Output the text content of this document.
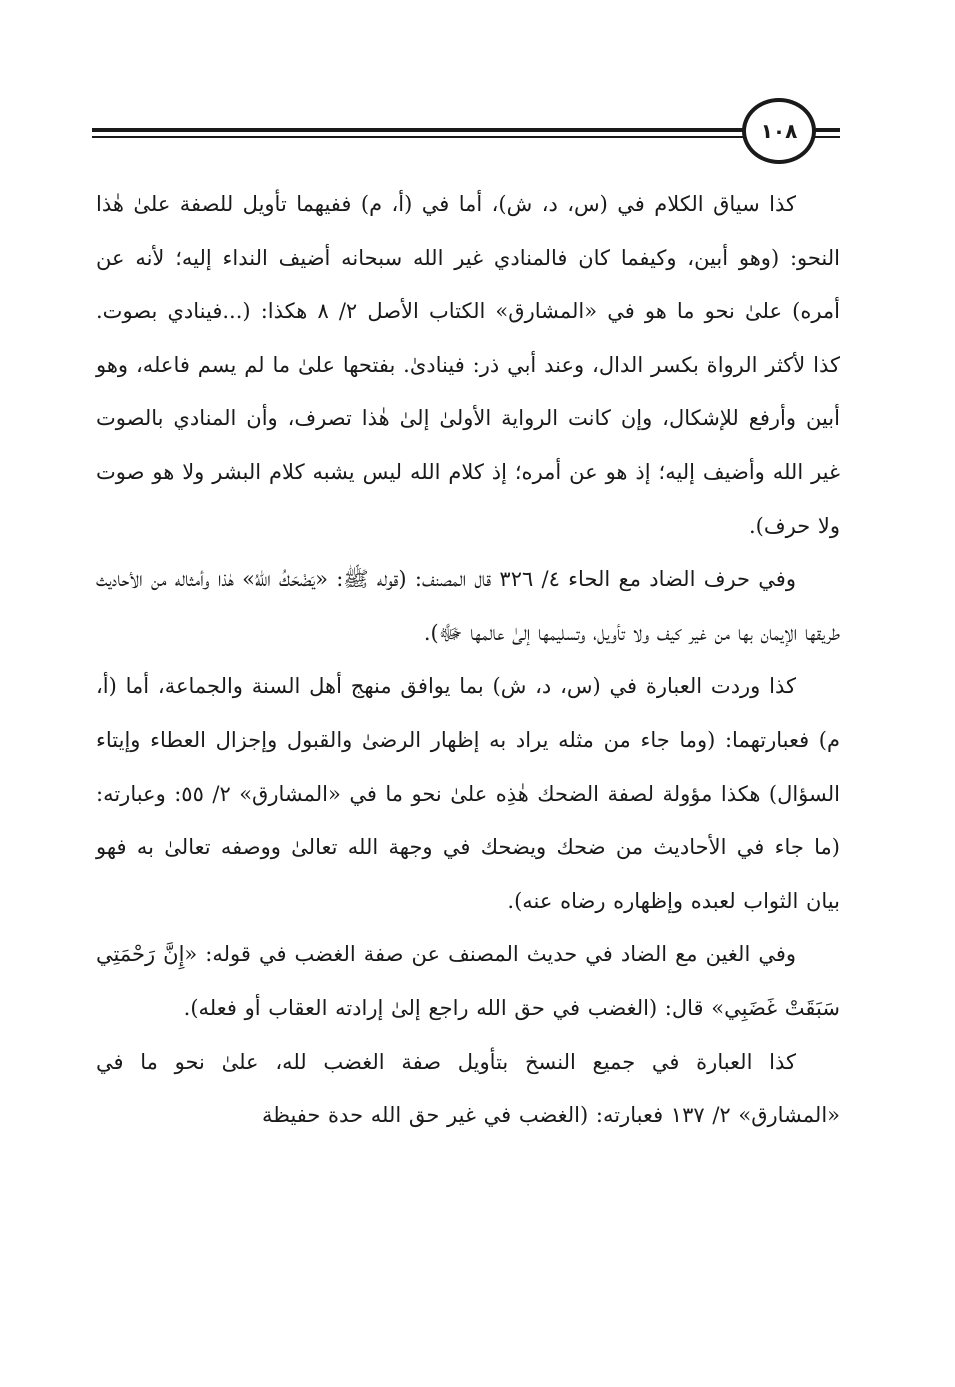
١٠٨

كذا سياق الكلام في (س، د، ش)، أما في (أ، م) ففيهما تأويل للصفة علىٰ هٰذا النحو: (وهو أبين، وكيفما كان فالمنادي غير الله سبحانه أضيف النداء إليه؛ لأنه عن أمره) علىٰ نحو ما هو في «المشارق» الكتاب الأصل ٢/ ٨ هكذا: (...فينادي بصوت. كذا لأكثر الرواة بكسر الدال، وعند أبي ذر: فينادىٰ. بفتحها علىٰ ما لم يسم فاعله، وهو أبين وأرفع للإشكال، وإن كانت الرواية الأولىٰ إلىٰ هٰذا تصرف، وأن المنادي بالصوت غير الله وأضيف إليه؛ إذ هو عن أمره؛ إذ كلام الله ليس يشبه كلام البشر ولا هو صوت ولا حرف).

وفي حرف الضاد مع الحاء ٤/ ٣٢٦ قال المصنف: (قوله ﷺ: «يَضْحَكُ اللهُ» هٰذا وأمثاله من الأحاديث طريقها الإيمان بها من غير كيف ولا تأويل، وتسليمها إلىٰ عالمها ﷻ).

كذا وردت العبارة في (س، د، ش) بما يوافق منهج أهل السنة والجماعة، أما (أ، م) فعبارتهما: (وما جاء من مثله يراد به إظهار الرضىٰ والقبول وإجزال العطاء وإيتاء السؤال) هكذا مؤولة لصفة الضحك هٰذِه علىٰ نحو ما في «المشارق» ٢/ ٥٥: وعبارته: (ما جاء في الأحاديث من ضحك ويضحك في وجهة الله تعالىٰ ووصفه تعالىٰ به فهو بيان الثواب لعبده وإظهاره رضاه عنه).

وفي الغين مع الضاد في حديث المصنف عن صفة الغضب في قوله: «إِنَّ رَحْمَتِي سَبَقَتْ غَضَبِي» قال: (الغضب في حق الله راجع إلىٰ إرادته العقاب أو فعله).

كذا العبارة في جميع النسخ بتأويل صفة الغضب لله، علىٰ نحو ما في «المشارق» ٢/ ١٣٧ فعبارته: (الغضب في غير حق الله حدة حفيظة
